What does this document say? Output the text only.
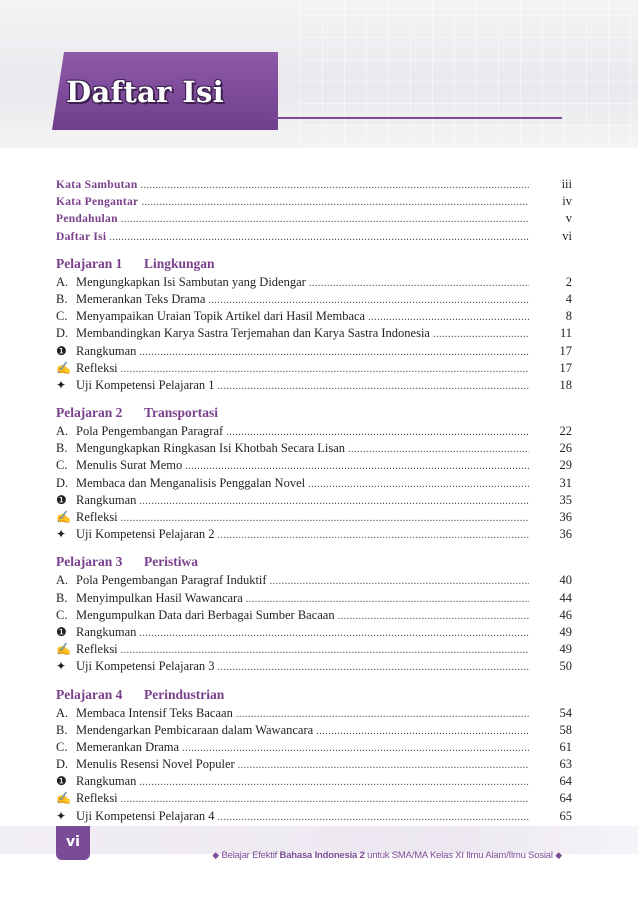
Daftar Isi
Kata Sambutan .....	iii
Kata Pengantar .....	iv
Pendahulan .....	v
Daftar Isi .....	vi
Pelajaran 1 Lingkungan
A. Mengungkapkan Isi Sambutan yang Didengar .....	2
B. Memerankan Teks Drama .....	4
C. Menyampaikan Uraian Topik Artikel dari Hasil Membaca .....	8
D. Membandingkan Karya Sastra Terjemahan dan Karya Sastra Indonesia .....	11
❶ Rangkuman .....	17
✍ Refleksi .....	17
✦ Uji Kompetensi Pelajaran 1 .....	18
Pelajaran 2 Transportasi
A. Pola Pengembangan Paragraf .....	22
B. Mengungkapkan Ringkasan Isi Khotbah Secara Lisan .....	26
C. Menulis Surat Memo .....	29
D. Membaca dan Menganalisis Penggalan Novel .....	31
❶ Rangkuman .....	35
✍ Refleksi .....	36
✦ Uji Kompetensi Pelajaran 2 .....	36
Pelajaran 3 Peristiwa
A. Pola Pengembangan Paragraf Induktif .....	40
B. Menyimpulkan Hasil Wawancara .....	44
C. Mengumpulkan Data dari Berbagai Sumber Bacaan .....	46
❶ Rangkuman .....	49
✍ Refleksi .....	49
✦ Uji Kompetensi Pelajaran 3 .....	50
Pelajaran 4 Perindustrian
A. Membaca Intensif Teks Bacaan .....	54
B. Mendengarkan Pembicaraan dalam Wawancara .....	58
C. Memerankan Drama .....	61
D. Menulis Resensi Novel Populer .....	63
❶ Rangkuman .....	64
✍ Refleksi .....	64
✦ Uji Kompetensi Pelajaran 4 .....	65
vi
◆ Belajar Efektif Bahasa Indonesia 2 untuk SMA/MA Kelas XI Ilmu Alam/Ilmu Sosial ◆
